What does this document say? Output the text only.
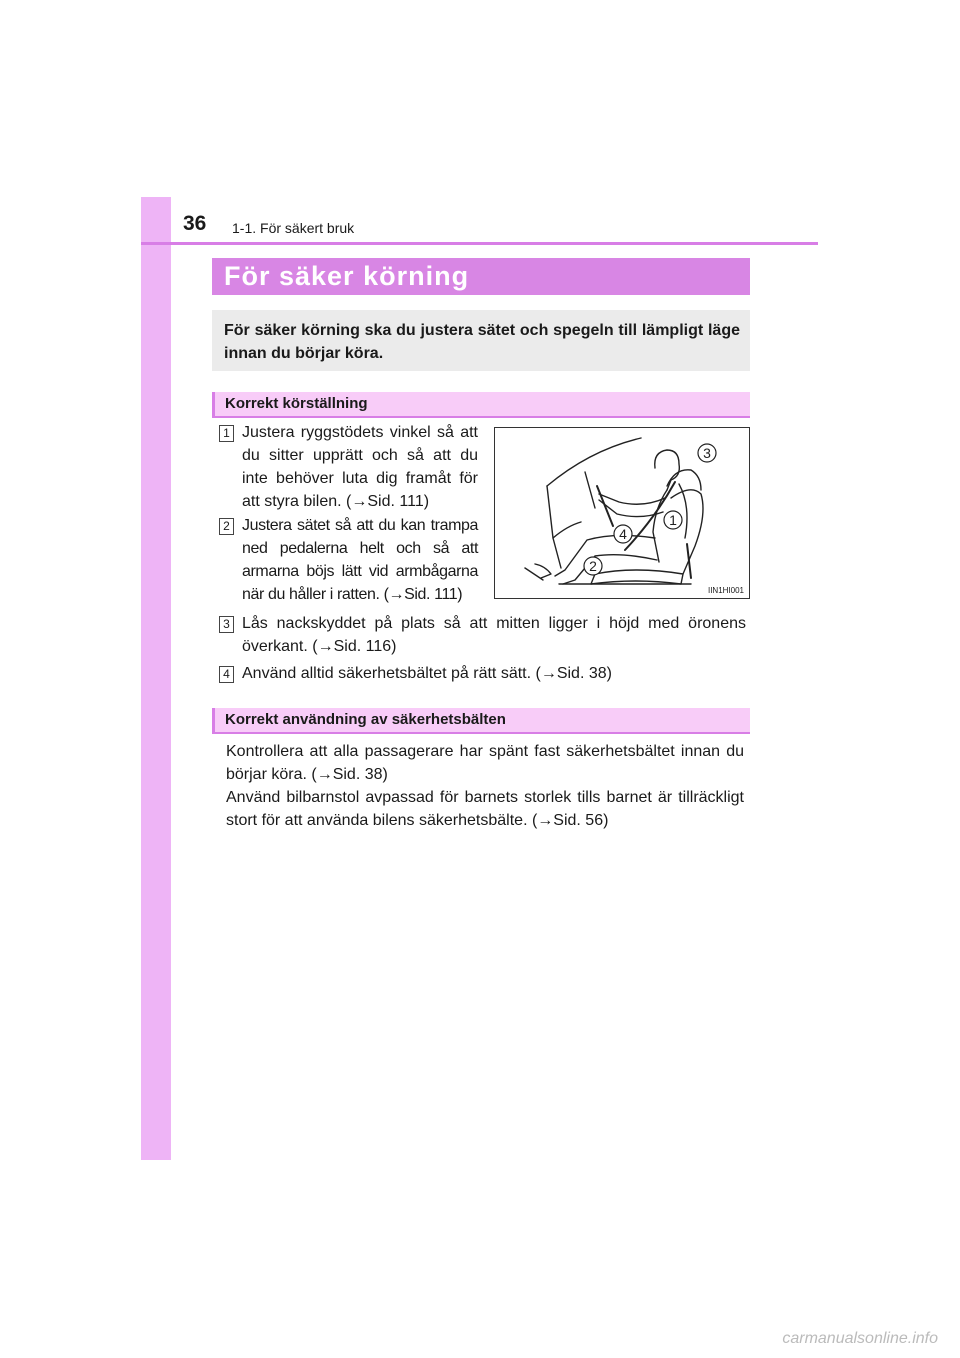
36 1-1. För säkert bruk
För säker körning

För säker körning ska du justera sätet och spegeln till lämpligt läge innan du börjar köra.

Korrekt körställning
1 Justera ryggstödets vinkel så att du sitter upprätt och så att du inte behöver luta dig framåt för att styra bilen. (→Sid. 111)

2 Justera sätet så att du kan trampa ned pedalerna helt och så att armarna böjs lätt vid armbågarna när du håller i ratten. (→Sid. 111)

1
2
3
4
IIN1HI001
3 Lås nackskyddet på plats så att mitten ligger i höjd med öronens överkant. (→Sid. 116)

4 Använd alltid säkerhetsbältet på rätt sätt. (→Sid. 38)

Korrekt användning av säkerhetsbälten

Kontrollera att alla passagerare har spänt fast säkerhetsbältet innan du börjar köra. (→Sid. 38)

Använd bilbarnstol avpassad för barnets storlek tills barnet är tillräckligt stort för att använda bilens säkerhetsbälte. (→Sid. 56)

carmanualsonline.info
